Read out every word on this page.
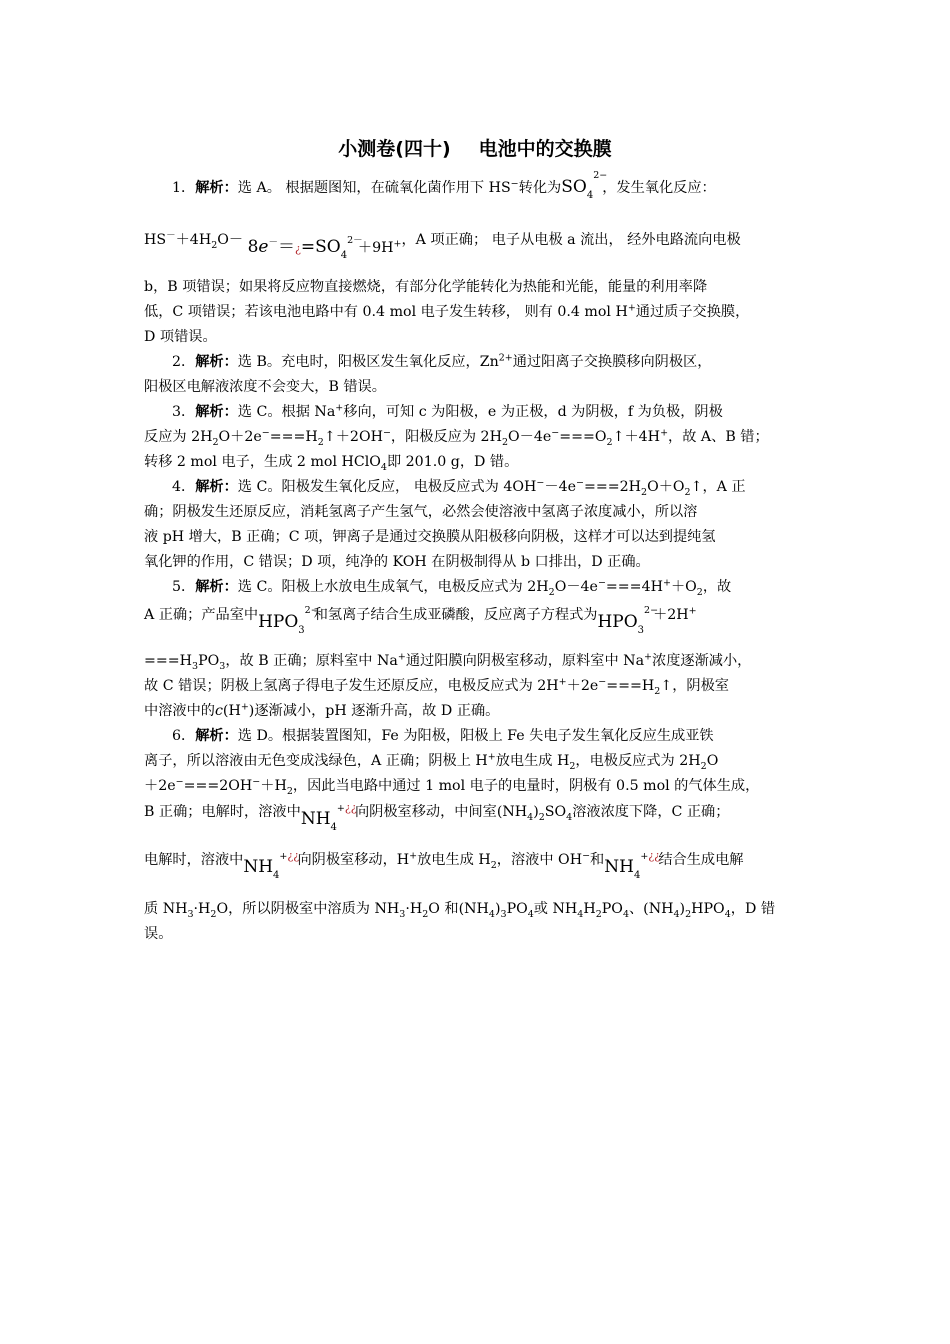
小测卷(四十) 电池中的交换膜
1．解析：选 A。 根据题图知，在硫氧化菌作用下 HS−转化为$SO_4$
2−
，发生氧化反应：
$HS^-+4H_2O-$ $8e^-=¿=SO_4$
2－
＋9H+，A 项正确； 电子从电极 a 流出， 经外电路流向电极
b，B 项错误；如果将反应物直接燃烧，有部分化学能转化为热能和光能，能量的利用率降
低，C 项错误；若该电池电路中有 0.4 mol 电子发生转移， 则有 0.4 mol H+通过质子交换膜，
D 项错误。
2．解析：选 B。充电时，阳极区发生氧化反应，$Zn^{2+}$通过阳离子交换膜移向阴极区，
阳极区电解液浓度不会变大，B 错误。
3．解析：选 C。根据 Na+移向，可知 c 为阳极，e 为正极，d 为阴极，f 为负极，阴极
反应为 $2H_2O+2e^-===H_2↑+2OH^-$，阳极反应为 $2H_2O-4e^-===O_2↑+4H^+$，故 A、B 错；
转移 2 mol 电子，生成 2 mol HClO$_4$即 201.0 g，D 错。
4．解析：选 C。阳极发生氧化反应， 电极反应式为 $4OH^--4e^-===2H_2O+O_2↑$，A 正
确；阴极发生还原反应，消耗氢离子产生氢气，必然会使溶液中氢离子浓度减小，所以溶
液 pH 增大，B 正确；C 项，钾离子是通过交换膜从阳极移向阴极，这样才可以达到提纯氢
氧化钾的作用，C 错误；D 项，纯净的 KOH 在阴极制得从 b 口排出，D 正确。
5．解析：选 C。阳极上水放电生成氧气，电极反应式为 $2H_2O-4e^-===4H^++O_2$，故
A 正确；产品室中$HPO_3$
2−
和氢离子结合生成亚磷酸，反应离子方程式为$HPO_3$
2−
＋2H+
$===H_3PO_3$，故 B 正确；原料室中 Na+通过阳膜向阴极室移动，原料室中 Na+浓度逐渐减小，
故 C 错误；阴极上氢离子得电子发生还原反应，电极反应式为 $2H^++2e^-===H_2↑$，阴极室
中溶液中的c(H+)逐渐减小，pH 逐渐升高，故 D 正确。
6．解析：选 D。根据装置图知，Fe 为阳极，阳极上 Fe 失电子发生氧化反应生成亚铁
离子，所以溶液由无色变成浅绿色，A 正确；阴极上 H+放电生成 $H_2$，电极反应式为 $2H_2O$
$+2e^-===2OH^-+H_2$，因此当电路中通过 1 mol 电子的电量时，阴极有 0.5 mol 的气体生成，
B 正确；电解时，溶液中$NH_4$
+¿¿
向阴极室移动，中间室$(NH_4)_2SO_4$溶液浓度下降，C 正确；
电解时，溶液中$NH_4$
+¿¿
向阴极室移动，H+放电生成 $H_2$，溶液中 OH−和$NH_4$
+¿¿
结合生成电解
质 $NH_3\cdot H_2O$，所以阴极室中溶质为 $NH_3\cdot H_2O$ 和$(NH_4)_3PO_4$或 $NH_4H_2PO_4$、$(NH_4)_2HPO_4$，D 错
误。
